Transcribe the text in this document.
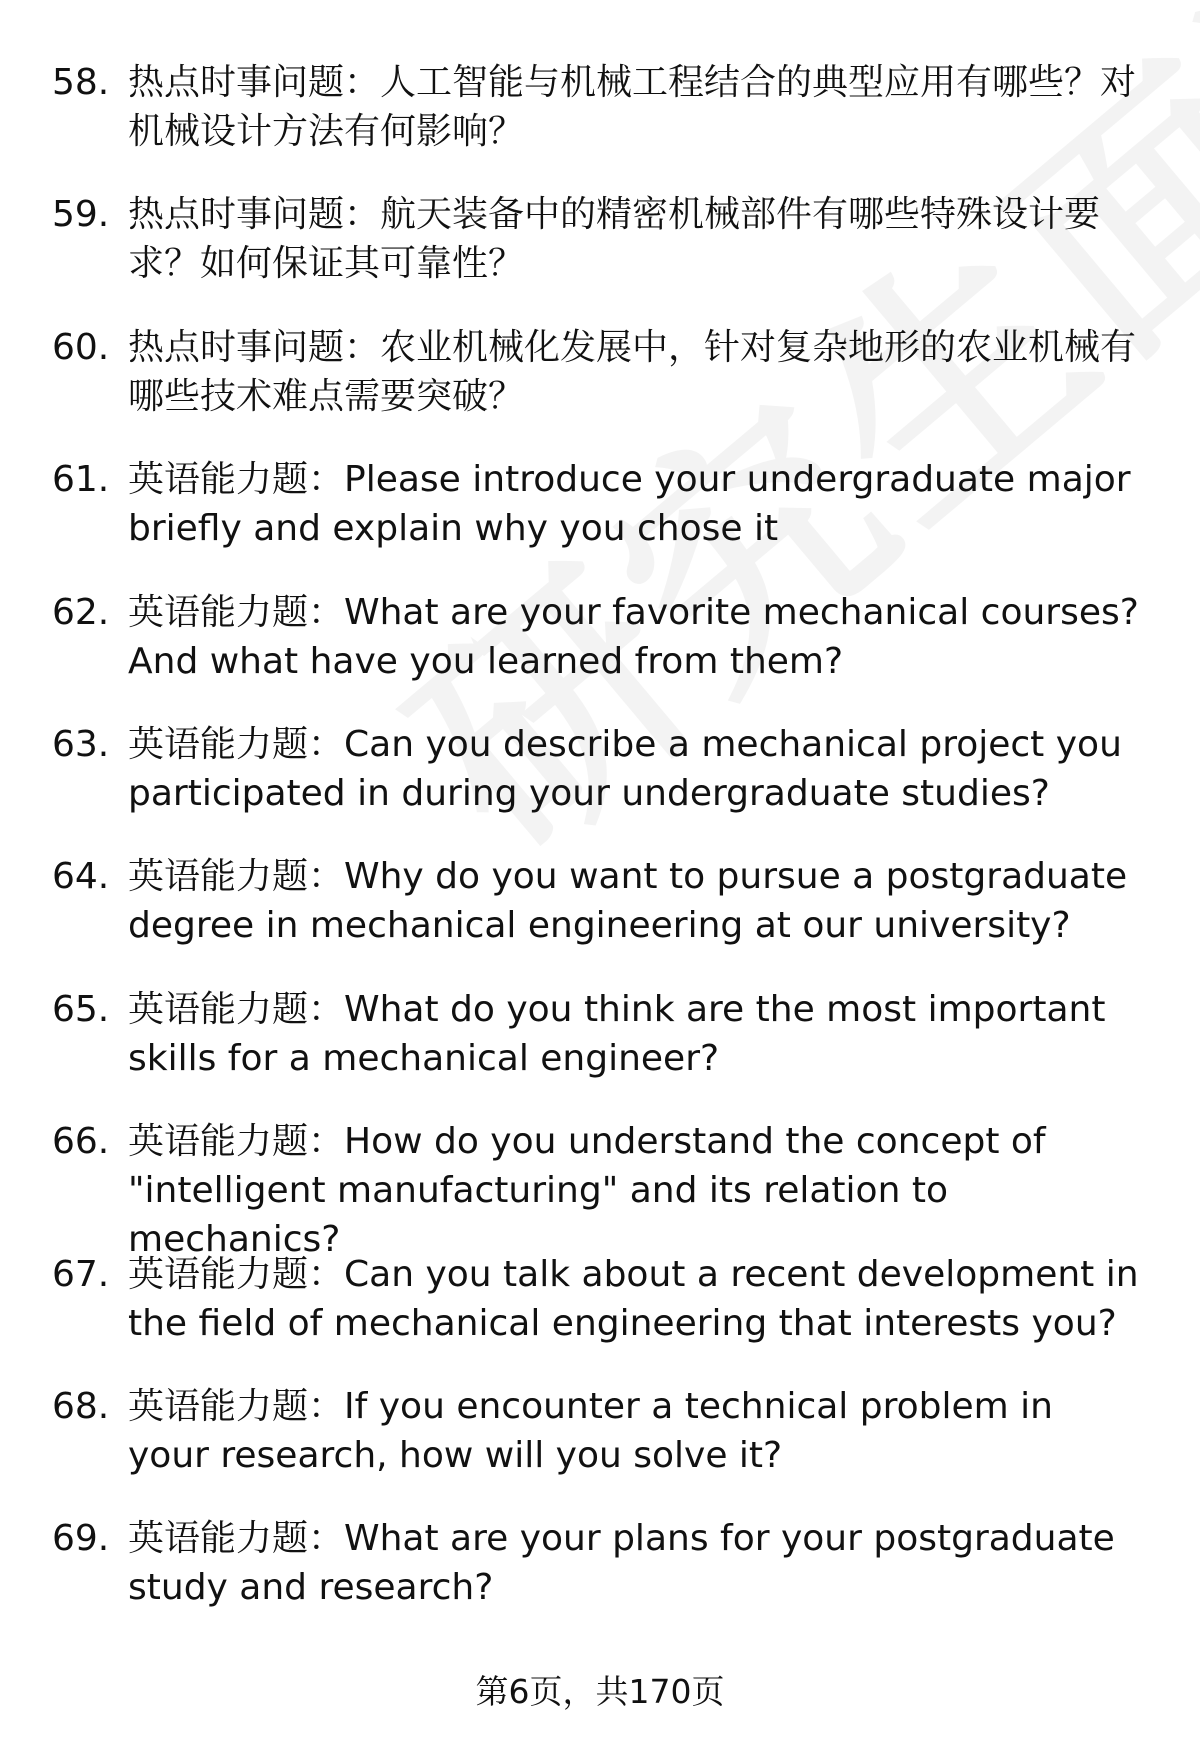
58. 热点时事问题：人工智能与机械工程结合的典型应用有哪些？对机械设计方法有何影响？
59. 热点时事问题：航天装备中的精密机械部件有哪些特殊设计要求？如何保证其可靠性？
60. 热点时事问题：农业机械化发展中，针对复杂地形的农业机械有哪些技术难点需要突破？
61. 英语能力题：Please introduce your undergraduate major briefly and explain why you chose it
62. 英语能力题：What are your favorite mechanical courses? And what have you learned from them?
63. 英语能力题：Can you describe a mechanical project you participated in during your undergraduate studies?
64. 英语能力题：Why do you want to pursue a postgraduate degree in mechanical engineering at our university?
65. 英语能力题：What do you think are the most important skills for a mechanical engineer?
66. 英语能力题：How do you understand the concept of "intelligent manufacturing" and its relation to mechanics?
67. 英语能力题：Can you talk about a recent development in the field of mechanical engineering that interests you?
68. 英语能力题：If you encounter a technical problem in your research, how will you solve it?
69. 英语能力题：What are your plans for your postgraduate study and research?
第6页，共170页
